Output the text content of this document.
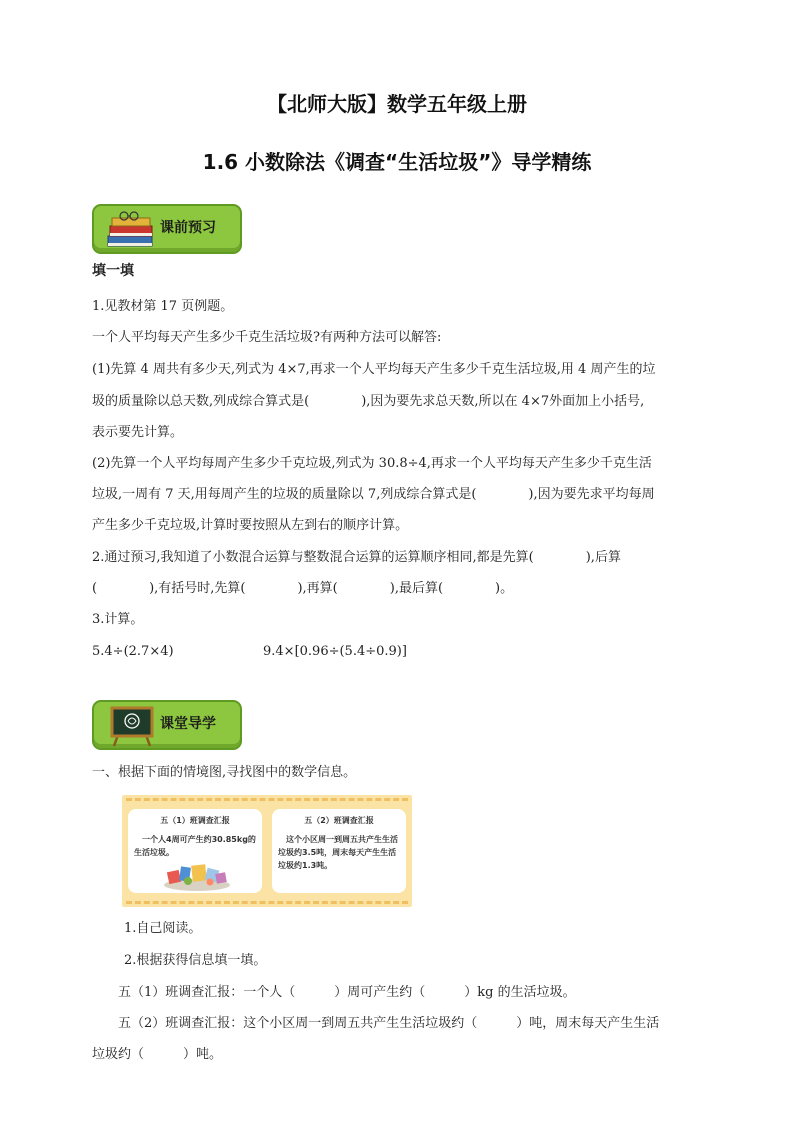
【北师大版】数学五年级上册
1.6 小数除法《调查“生活垃圾”》导学精练
课前预习
填一填
1.见教材第 17 页例题。
一个人平均每天产生多少千克生活垃圾?有两种方法可以解答:
(1)先算 4 周共有多少天,列式为 4×7,再求一个人平均每天产生多少千克生活垃圾,用 4 周产生的垃
圾的质量除以总天数,列成综合算式是(　　　　),因为要先求总天数,所以在 4×7外面加上小括号,
表示要先计算。
(2)先算一个人平均每周产生多少千克垃圾,列式为 30.8÷4,再求一个人平均每天产生多少千克生活
垃圾,一周有 7 天,用每周产生的垃圾的质量除以 7,列成综合算式是(　　　　),因为要先求平均每周
产生多少千克垃圾,计算时要按照从左到右的顺序计算。
2.通过预习,我知道了小数混合运算与整数混合运算的运算顺序相同,都是先算(　　　　),后算
(　　　　),有括号时,先算(　　　　),再算(　　　　),最后算(　　　　)。
3.计算。
5.4÷(2.7×4)	9.4×[0.96÷(5.4÷0.9)]
课堂导学
一、根据下面的情境图,寻找图中的数学信息。
五（1）班调查汇报
　一个人4周可产生约30.85kg的生活垃圾。
五（2）班调查汇报
　这个小区周一到周五共产生生活垃圾约3.5吨，周末每天产生生活垃圾约1.3吨。
1.自己阅读。
2.根据获得信息填一填。
五（1）班调查汇报：一个人（　　　）周可产生约（　　　）kg 的生活垃圾。
五（2）班调查汇报：这个小区周一到周五共产生生活垃圾约（　　　）吨，周末每天产生生活
垃圾约（　　　）吨。
